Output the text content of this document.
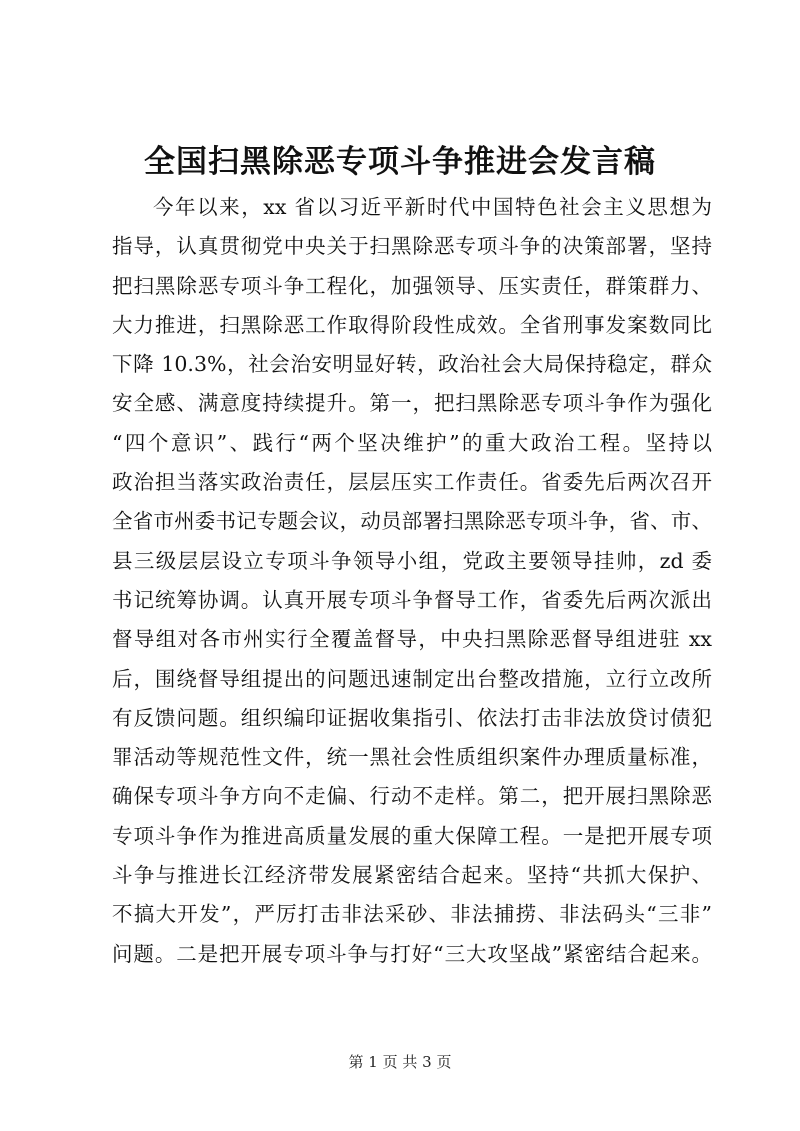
全国扫黑除恶专项斗争推进会发言稿
今年以来，xx 省以习近平新时代中国特色社会主义思想为
指导，认真贯彻党中央关于扫黑除恶专项斗争的决策部署，坚持
把扫黑除恶专项斗争工程化，加强领导、压实责任，群策群力、
大力推进，扫黑除恶工作取得阶段性成效。全省刑事发案数同比
下降 10.3%，社会治安明显好转，政治社会大局保持稳定，群众
安全感、满意度持续提升。第一，把扫黑除恶专项斗争作为强化
“四个意识”、践行“两个坚决维护”的重大政治工程。坚持以
政治担当落实政治责任，层层压实工作责任。省委先后两次召开
全省市州委书记专题会议，动员部署扫黑除恶专项斗争，省、市、
县三级层层设立专项斗争领导小组，党政主要领导挂帅，zd 委
书记统筹协调。认真开展专项斗争督导工作，省委先后两次派出
督导组对各市州实行全覆盖督导，中央扫黑除恶督导组进驻 xx
后，围绕督导组提出的问题迅速制定出台整改措施，立行立改所
有反馈问题。组织编印证据收集指引、依法打击非法放贷讨债犯
罪活动等规范性文件，统一黑社会性质组织案件办理质量标准，
确保专项斗争方向不走偏、行动不走样。第二，把开展扫黑除恶
专项斗争作为推进高质量发展的重大保障工程。一是把开展专项
斗争与推进长江经济带发展紧密结合起来。坚持“共抓大保护、
不搞大开发”，严厉打击非法采砂、非法捕捞、非法码头“三非”
问题。二是把开展专项斗争与打好“三大攻坚战”紧密结合起来。
第 1 页 共 3 页
